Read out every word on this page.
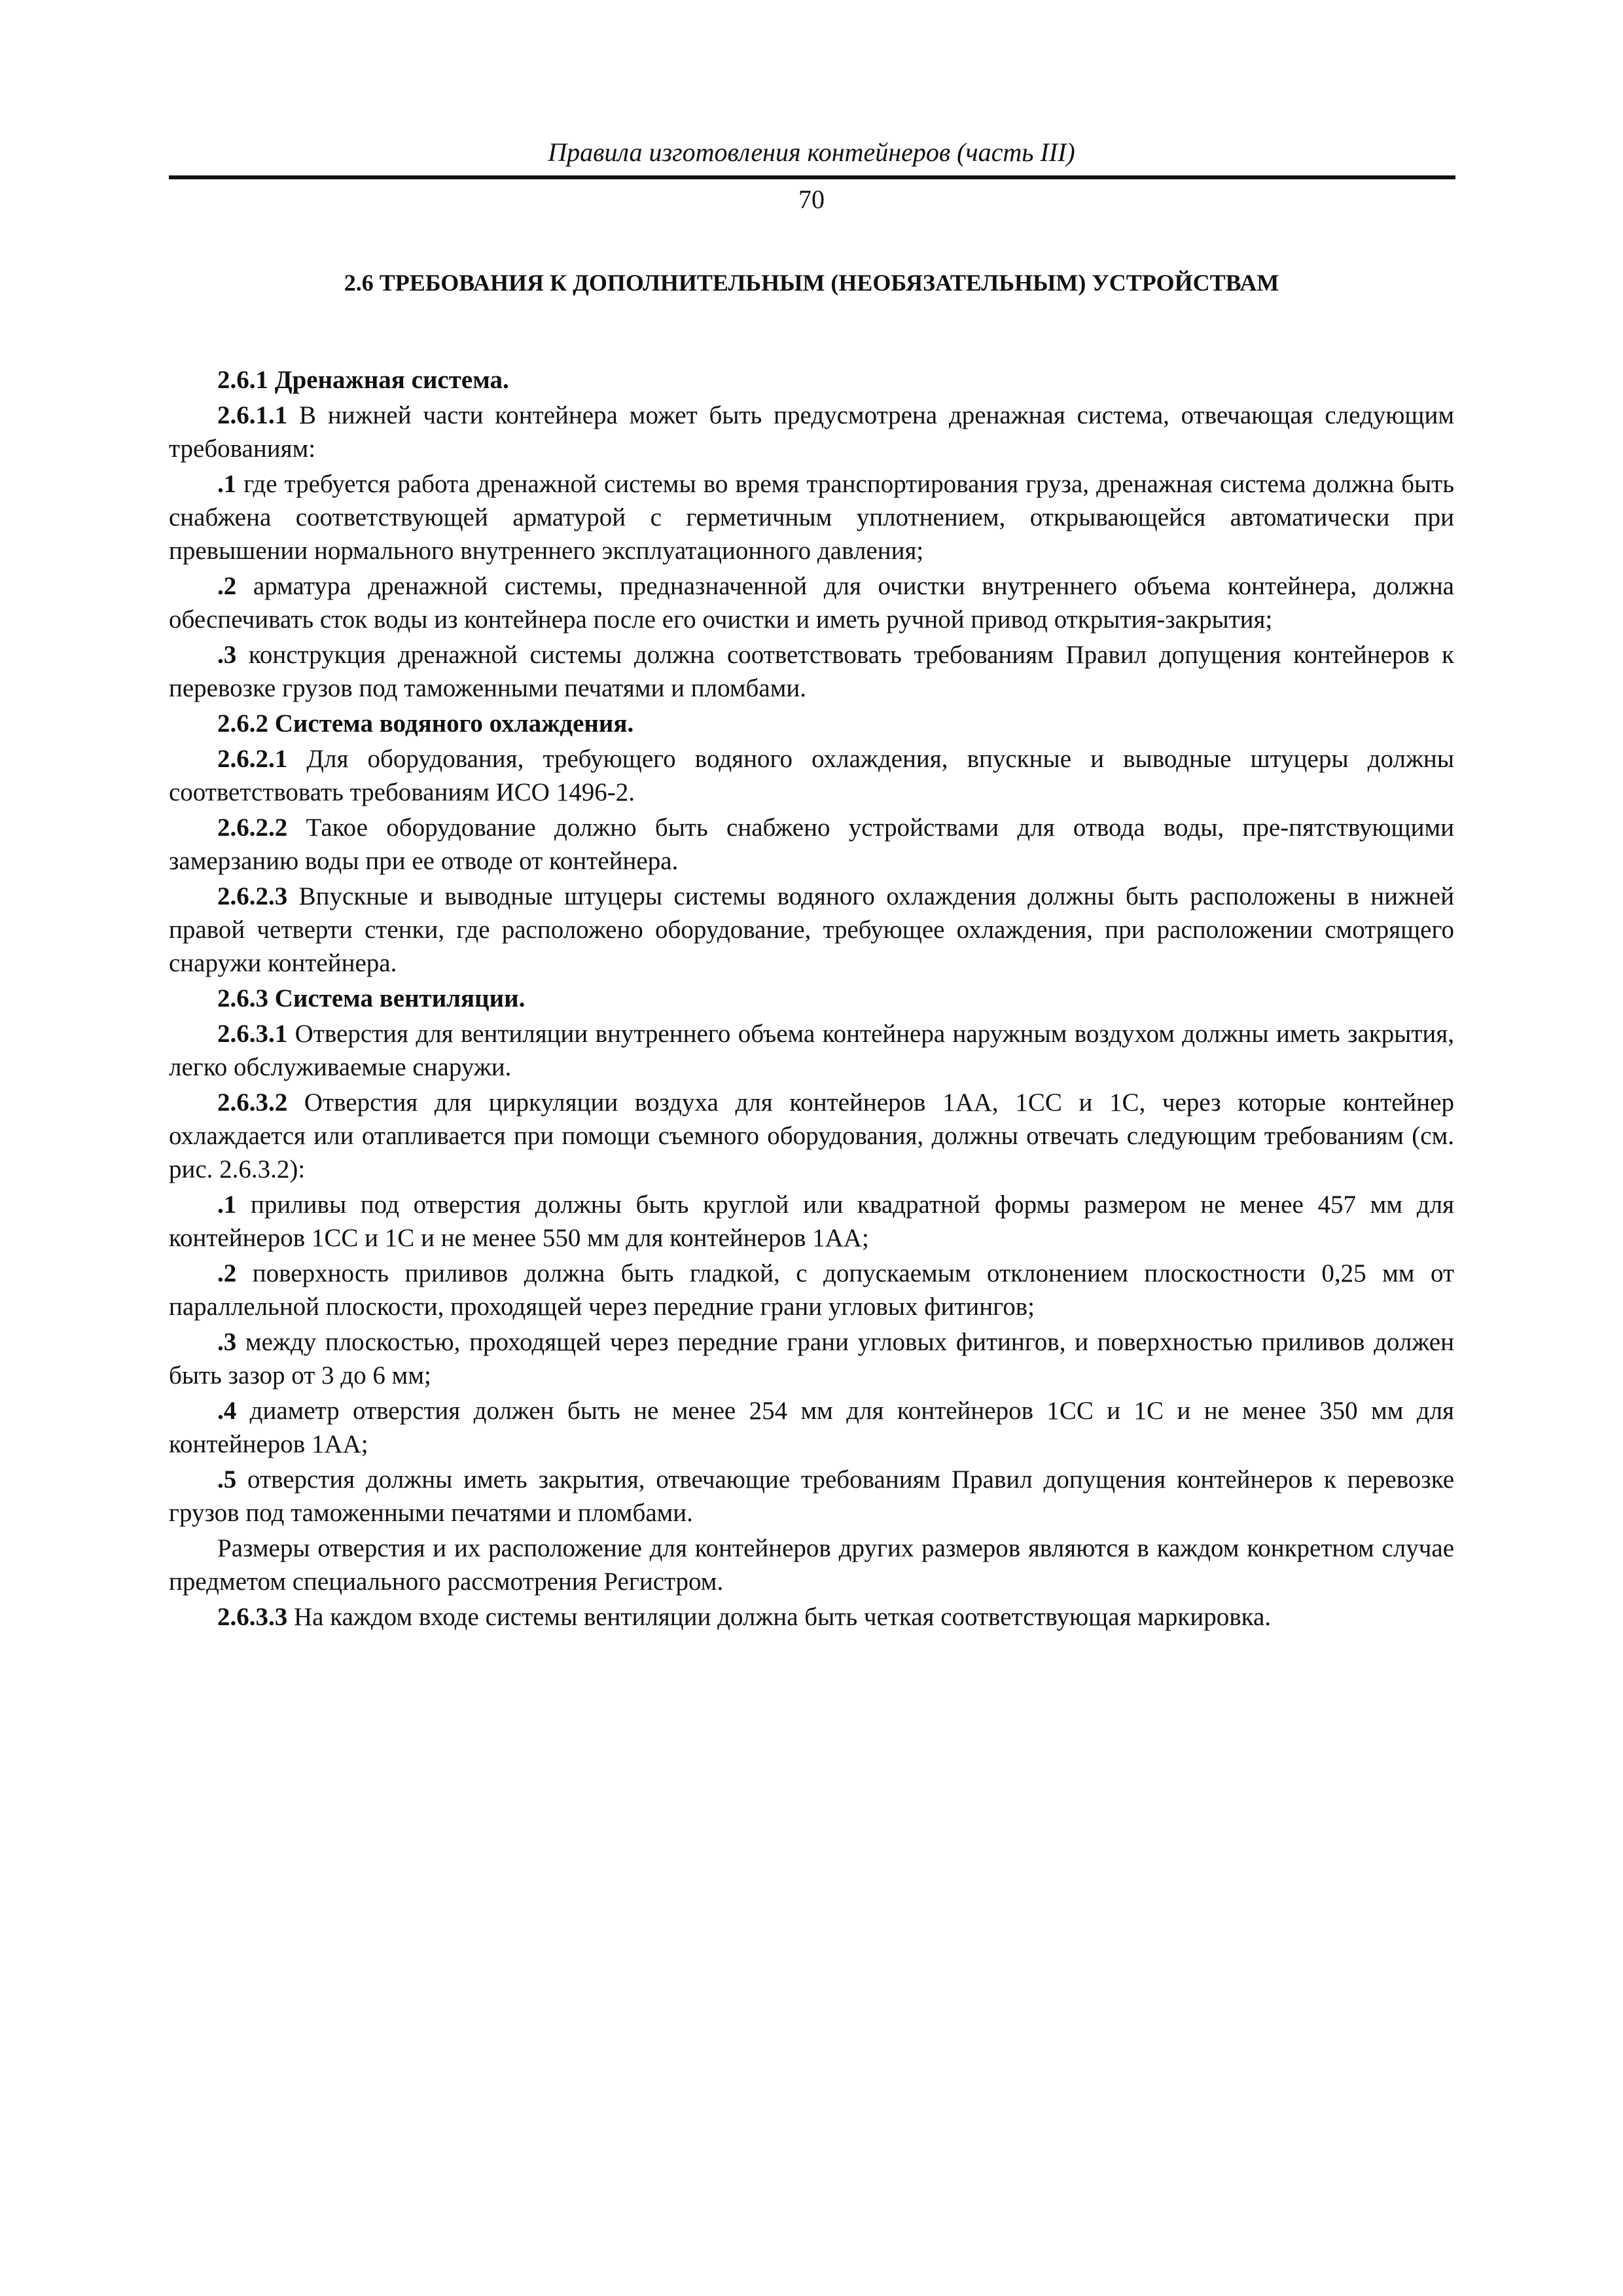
Правила изготовления контейнеров (часть III)
70
2.6 ТРЕБОВАНИЯ К ДОПОЛНИТЕЛЬНЫМ (НЕОБЯЗАТЕЛЬНЫМ) УСТРОЙСТВАМ

2.6.1 Дренажная система.

2.6.1.1 В нижней части контейнера может быть предусмотрена дренажная система, отвечающая следующим требованиям:

.1 где требуется работа дренажной системы во время транспортирования груза, дренажная система должна быть снабжена соответствующей арматурой с герметичным уплотнением, открывающейся автоматически при превышении нормального внутреннего эксплуатационного давления;

.2 арматура дренажной системы, предназначенной для очистки внутреннего объема контейнера, должна обеспечивать сток воды из контейнера после его очистки и иметь ручной привод открытия-закрытия;

.3 конструкция дренажной системы должна соответствовать требованиям Правил допущения контейнеров к перевозке грузов под таможенными печатями и пломбами.

2.6.2 Система водяного охлаждения.

2.6.2.1 Для оборудования, требующего водяного охлаждения, впускные и выводные штуцеры должны соответствовать требованиям ИСО 1496-2.

2.6.2.2 Такое оборудование должно быть снабжено устройствами для отвода воды, пре-пятствующими замерзанию воды при ее отводе от контейнера.

2.6.2.3 Впускные и выводные штуцеры системы водяного охлаждения должны быть расположены в нижней правой четверти стенки, где расположено оборудование, требующее охлаждения, при расположении смотрящего снаружи контейнера.

2.6.3 Система вентиляции.

2.6.3.1 Отверстия для вентиляции внутреннего объема контейнера наружным воздухом должны иметь закрытия, легко обслуживаемые снаружи.

2.6.3.2 Отверстия для циркуляции воздуха для контейнеров 1АА, 1СС и 1С, через которые контейнер охлаждается или отапливается при помощи съемного оборудования, должны отвечать следующим требованиям (см. рис. 2.6.3.2):

.1 приливы под отверстия должны быть круглой или квадратной формы размером не менее 457 мм для контейнеров 1СС и 1С и не менее 550 мм для контейнеров 1АА;

.2 поверхность приливов должна быть гладкой, с допускаемым отклонением плоскостности 0,25 мм от параллельной плоскости, проходящей через передние грани угловых фитингов;

.3 между плоскостью, проходящей через передние грани угловых фитингов, и поверхностью приливов должен быть зазор от 3 до 6 мм;

.4 диаметр отверстия должен быть не менее 254 мм для контейнеров 1СС и 1С и не менее 350 мм для контейнеров 1АА;

.5 отверстия должны иметь закрытия, отвечающие требованиям Правил допущения контейнеров к перевозке грузов под таможенными печатями и пломбами.

Размеры отверстия и их расположение для контейнеров других размеров являются в каждом конкретном случае предметом специального рассмотрения Регистром.

2.6.3.3 На каждом входе системы вентиляции должна быть четкая соответствующая маркировка.
